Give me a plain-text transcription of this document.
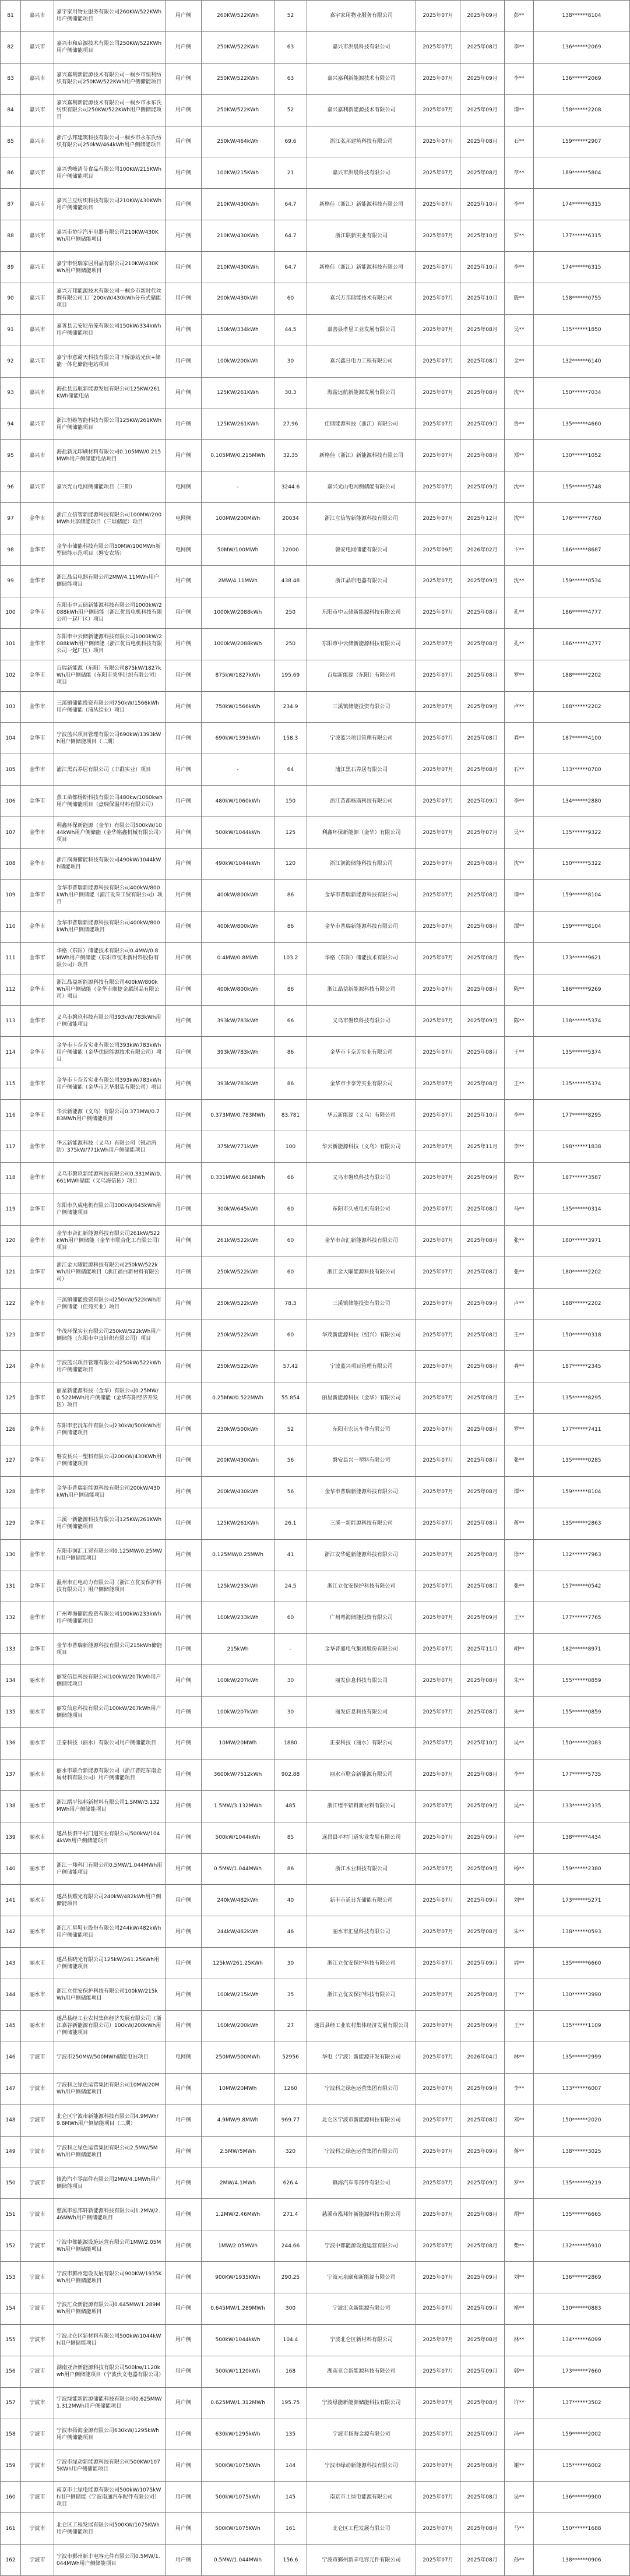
81	嘉兴市	嘉宇家用物业服务有限公司260KW/522KWh用户侧储能项目	用户侧	260KW/522KWh	52	嘉宇家用物业服务有限公司	2025年07月	2025年09月	彭**	138******8104
82	嘉兴市	嘉兴市和启源技术有限公司250KW/522KWh用户侧储能项目	用户侧	250KW/522KWh	63	嘉兴市洪晨科技有限公司	2025年07月	2025年08月	李**	136******2069
83	嘉兴市	嘉兴嘉利新能源技术有限公司一桐乡市恒利纺织有限公司250KW/522KWh用户侧储能项目	用户侧	250KW/522KWh	63	嘉兴嘉利新能源技术有限公司	2025年07月	2025年09月	李**	136******2069
84	嘉兴市	嘉兴嘉利新能源技术有限公司一桐乡市永东氏纺织有限公司250KW/522KWh用户侧储能项目	用户侧	250KW/522KWh	52	嘉兴嘉利新能源技术有限公司	2025年07月	2025年09月	谭**	158******2208
85	嘉兴市	浙江弘邦建筑科技有限公司一桐乡市永东氏纺织有限公司250kW/464kWh用户侧储能项目	用户侧	250kW/464kWh	69.6	浙江弘邦建筑科技有限公司	2025年07月	2025年08月	石**	159******2907
86	嘉兴市	嘉兴秀峰清节食品有限公司100KW/215KWh用户侧储能项目	用户侧	100KW/215KWh	21	嘉兴市洪晨科技有限公司	2025年07月	2025年08月	章**	189******5804
87	嘉兴市	嘉兴兰豆纺织科技有限公司210KW/430KWh用户侧储能项目	用户侧	210KW/430KWh	64.7	新格佳（浙江）新能源科技有限公司	2025年07月	2025年10月	李**	174******6315
88	嘉兴市	嘉兴市协宇汽车电器有限公司210KW/430KWh用户侧储能项目	用户侧	210KW/430KWh	64.7	浙江联新实业有限公司	2025年07月	2025年10月	罗**	177******6315
89	嘉兴市	嘉宁市悦瑞家居用品有限公司210KW/430KWh用户侧储能项目	用户侧	210KW/430KWh	64.7	新格佳（浙江）新能源科技有限公司	2025年07月	2025年10月	李**	174******6315
90	嘉兴市	嘉兴万邦能源技术有限公司一桐乡市新时代丝绸有限公司工厂200kW/430kWh分布式储能项目	用户侧	200kW/430kWh	60	嘉兴万邦储能技术有限公司	2025年07月	2025年10月	殷**	158******0755
91	嘉兴市	嘉善县云安尼吊笼有限公司150kW/334kWh用户侧储能项目	用户侧	150kW/334kWh	44.5	嘉善县孝星工业发展有限公司	2025年07月	2025年08月	吴**	135******1850
92	嘉兴市	嘉宁市意霸天科技有限公司下桥游站光伏+储能一体化储能电站项目	用户侧	100kW/200kWh	30	嘉兴鑫日电力工程有限公司	2025年07月	2025年08月	金**	132******6140
93	嘉兴市	海盐县远航新能源发展有限公司125KW/261KWh储能电站	用户侧	125KW/261KWh	30.3	海盐远航新能源发展有限公司	2025年07月	2025年08月	沈**	150******7034
94	嘉兴市	浙江恒维智能科技有限公司125KW/261KWh用户侧储能项目	用户侧	125KW/261KWh	27.96	佳储能源科技（浙江）有限公司	2025年07月	2025年09月	鲁**	135******4660
95	嘉兴市	海盐新元印刷材料有限公司0.105MW/0.215MWh用户侧储能电站项目	用户侧	0.105MW/0.215MWh	32.35	新格佳（浙江）新能源科技有限公司	2025年07月	2025年08月	郑**	130******1052
96	嘉兴市	嘉兴光山电网侧储能项目（三期）	电网侧	-	3244.6	嘉兴光山电网侧储能有限公司	2025年07月	2025年09月	沈**	155******5748
97	金华市	浙江立信智新能源科技有限公司100MW/200MWh共享储能项目（三坦储能）项目	电网侧	100MW/200MWh	20034	浙江立信智新能源科技有限公司	2025年07月	2025年12月	沈**	176******7760
98	金华市	金华市储能科技有限公司50MW/100MWh新型储能示范项目（磐安农场）	电网侧	50MW/100MWh	12000	磐安电网储能有限公司	2025年09月	2026年02月	卞**	186******8687
99	金华市	浙江晶启电器有限公司2MW/4.11MWh用户侧储能项目	用户侧	2MW/4.11MWh	438.48	浙江晶启电器有限公司	2025年07月	2025年09月	沈**	159******0534
100	金华市	东阳市中云储新能源科技有限公司1000kW/2088kWh用户侧储能（浙江优昌电机科技有限公司一起厂区）项目	用户侧	1000kW/2088kWh	250	东阳市中云储新能源科技有限公司	2025年07月	2025年08月	孔**	186******4777
101	金华市	东阳市中云储新能源科技有限公司1000kW/2088kWh用户侧储能（浙江优昌电机科技有限公司一起厂区）项目	用户侧	1000kW/2088kWh	250	东阳市中云储新能源科技有限公司	2025年07月	2025年08月	孔**	186******4777
102	金华市	百瑞新能源（东阳）有限公司875kW/1827kWh用户侧储能（东阳市荣华针织有限公司）项目	用户侧	875kW/1827kWh	195.69	百瑞新能源（东阳）有限公司	2025年07月	2025年08月	罗**	188******2202
103	金华市	三溪镇储能投资有限公司750kW/1566kWh用户侧储能（浦丛绘业）项目	用户侧	750kW/1566kWh	234.9	三溪镇储能投资有限公司	2025年07月	2025年09月	卢**	188******2202
104	金华市	宁波蓝兴项目管理有限公司690kW/1393kWh用户侧储能项目（二期）	用户侧	690kW/1393kWh	158.3	宁波蓝兴项目管理有限公司	2025年07月	2025年08月	龚**	187******4100
105	金华市	浦江黑石养居有限公司（丰群实业）项目	用户侧	-	64	浦江黑石养居有限公司	2025年07月	2025年08月	石**	133******0700
106	金华市	蒸工苗都杨斯科技有限公司480kw/1060kwh用户侧储能项目（盘瑞保温材料有限公司）	用户侧	480kW/1060kWh	150	浙江苗都杨斯科技有限公司	2025年07月	2025年09月	李**	134******2880
107	金华市	利鑫环保新能源（金华）有限公司500kW/1044kWh用户侧储能（金华铭鑫机械有限公司）项目	用户侧	500kW/1044kWh	125	利鑫环保新能源（金华）有限公司	2025年07月	2025年07月	吴**	135******9322
108	金华市	浙江润海储能科技有限公司490kW/1044kWh储能项目	用户侧	490kW/1044kWh	120	浙江润海储能科技有限公司	2025年07月	2025年08月	沈**	150******5322
109	金华市	金华市普瑞新能源科技有限公司400kW/800kWh用户侧储能（浦江发采工贸有限公司）项目	用户侧	400kW/800kWh	86	金华市普瑞新能源科技有限公司	2025年07月	2025年08月	谭**	159******8104
110	金华市	金华市普瑞新能源科技有限公司400kW/800kWh用户侧储能项目	用户侧	400kW/800kWh	86	金华市普瑞新能源科技有限公司	2025年07月	2025年08月	谭**	159******8104
111	金华市	华格（东阳）储能技术有限公司0.4MW/0.8MWh用户侧储能（东阳市恒禾新材料股份有限公司）项目	用户侧	0.4MW/0.8MWh	103.2	华格（东阳）储能技术有限公司	2025年07月	2025年08月	钱**	173******9621
112	金华市	浙江晶益新能源科技有限公司400kW/800kWh用户侧储能（金华市顺捷金属制品有限公司）项目	用户侧	400kW/800kWh	86	浙江晶益新能源科技有限公司	2025年07月	2025年08月	陈**	186******9269
113	金华市	义乌市磐玖科技有限公司393kW/783kWh用户侧储能项目	用户侧	393kW/783kWh	66	义乌市磐玖科技有限公司	2025年07月	2025年09月	陈**	138******5374
114	金华市	金华市卡奈芳实业有限公司393kW/783kWh用户侧储能（金华优储能源技术有限公司）项目	用户侧	393kW/783kWh	86	金华市卡奈芳实业有限公司	2025年07月	2025年08月	王**	135******5374
115	金华市	金华市卡奈芳实业有限公司393kW/783kWh用户侧储能（金华市艺华服装有限公司）项目	用户侧	393kW/783kWh	86	金华市卡奈芳实业有限公司	2025年07月	2025年08月	王**	135******5374
116	金华市	华云新能源（义乌）有限公司0.373MW/0.783MWh用户侧储能项目	用户侧	0.373MW/0.783MWh	83.781	华云新能源（义乌）有限公司	2025年07月	2025年10月	李**	177******8295
117	金华市	华云新能源科技（义乌）有限公司（锐动消防）375kW/771kWh用户侧储能项目	用户侧	375kW/771kWh	100	华云新能源科技（义乌）有限公司	2025年07月	2025年11月	李**	198******1838
118	金华市	义乌市磐玖新能源科技有限公司0.331MW/0.661MWh储能（义乌海信拓）项目	用户侧	0.331MW/0.661MWh	66	义乌市磐玖科技有限公司	2025年07月	2025年09月	陈**	187******3587
119	金华市	东阳市久成电机有限公司300kW/645kWh用户侧储能项目	用户侧	300kW/645kWh	60	东阳市久成电机有限公司	2025年07月	2025年08月	马**	135******0314
120	金华市	金华市合汇新能源科技有限公司261kW/522kWh用户侧储能（金华市联合化工有限公司）项目	用户侧	261kW/522kWh	60	金华市合汇新能源科技有限公司	2025年07月	2025年08月	张**	180******3971
121	金华市	浙江金大曜能源科技有限公司250kW/522kWh用户侧储能项目（浙江福白新材料有限公司）	用户侧	250kW/522kWh	60	浙江金大曜能源科技有限公司	2025年07月	2025年08月	张**	180******2202
122	金华市	三溪镇储能投资有限公司250kW/522kWh用户侧储能（佳苑实业）项目	用户侧	250kW/522kWh	78.3	三溪镇储能投资有限公司	2025年07月	2025年09月	卢**	188******2202
123	金华市	华茂环保实业有限公司250kW/522kWh用户侧储能（东阳市中良针织有限公司）项目	用户侧	250kW/522kWh	60	华茂新能源科技（绍兴）有限公司	2025年07月	2025年08月	王**	150******0318
124	金华市	宁波蓝兴项目管理有限公司250kW/522kWh用户侧储能项目	用户侧	250kW/522kWh	57.42	宁波蓝兴项目管理有限公司	2025年07月	2025年08月	龚**	187******2345
125	金华市	丽星新能源科技（金华）有限公司0.25MW/0.522MWh用户侧储能（金华东阳经济开发区）项目	用户侧	0.25MW/0.522MWh	55.854	丽星新能源科技（金华）有限公司	2025年07月	2025年08月	王**	135******8295
126	金华市	东阳市宏沅车件有限公司230kW/500kWh用户侧储能项目	用户侧	230kW/500kWh	52	东阳市宏沅车件有限公司	2025年07月	2025年08月	罗**	177******7411
127	金华市	磐安县兴一塑料有限公司200KW/430KWh用户侧储能项目	用户侧	200KW/430KWh	56	磐安县兴一塑料有限公司	2025年07月	2025年08月	张**	135******0285
128	金华市	金华市普瑞新能源科技有限公司200kW/430kWh用户侧储能项目	用户侧	200kW/430kWh	56	金华市普瑞新能源科技有限公司	2025年07月	2025年08月	谭**	159******8104
129	金华市	三溪一新能源科技有限公司125KW/261KWh用户侧储能项目	用户侧	125KW/261KWh	26.1	三溪一新能源科技有限公司	2025年07月	2025年08月	蒋**	135******2863
130	金华市	东阳市润汇工贸有限公司0.125MW/0.25MWh用户侧储能项目	用户侧	0.125MW/0.25MWh	41	浙江安华通新能源科技有限公司	2025年07月	2025年08月	徐**	132******7963
131	金华市	温州市正电动力有限公司（浙江立优安保护科技有限公司）用户侧储能项目	用户侧	125kW/233kWh	24.5	浙江立优安保护科技有限公司	2025年07月	2025年08月	张**	157******0542
132	金华市	广州粤海储能投资有限公司100kW/233kWh用户侧储能项目	用户侧	100kW/233kWh	60	广州粤海储能投资有限公司	2025年07月	2025年09月	王**	177******7765
133	金华市	金华市普瑞新能源科技有限公司215kWh储能项目	用户侧	215kWh	-	金华普盛电气集团股份有限公司	2025年07月	2025年11月	胡**	182******8971
134	丽水市	丽发信息科技有限公司100kW/207kWh用户侧储能项目	用户侧	100kW/207kWh	30	丽发信息科技有限公司	2025年07月	2025年08月	朱**	155******0859
135	丽水市	丽发信息科技有限公司100kW/207kWh用户侧储能项目	用户侧	100kW/207kWh	30	丽发信息科技有限公司	2025年07月	2025年08月	朱**	155******0859
136	丽水市	正泰科技（丽水）有限公司用户侧储能项目	用户侧	10MW/20MWh	1880	正泰科技（丽水）有限公司	2025年07月	2025年10月	吴**	150******2083
137	丽水市	丽水市联合新能源有限公司（浙江普陀东南金属材料有限公司）用户侧储能项目	用户侧	3600kW/7512kWh	902.88	丽水市联合新能源有限公司	2025年07月	2025年08月	李**	177******5735
138	丽水市	浙江缙平铝料新材料有限公司1.5MW/3.132MWh用户侧储能项目	用户侧	1.5MW/3.132MWh	485	浙江缙平铝料新材料有限公司	2025年07月	2025年09月	吴**	133******2335
139	丽水市	遂昌县泗平村门道实业有限公司500kW/1044kWh用户侧储能项目	用户侧	500kW/1044kWh	85	遂昌县平村门道实业发展有限公司	2025年07月	2025年09月	何**	138******4434
140	丽水市	浙江一翔科门有限公司0.5MW/1.044MWh用户侧储能项目	用户侧	0.5MW/1.044MWh	86	浙江木业科技有限公司	2025年07月	2025年09月	杨**	159******2380
141	丽水市	遂昌县耀光有限公司240kW/482kWh用户侧储能项目	用户侧	240kW/482kWh	40	新丰市道日光储能有限公司	2025年07月	2025年09月	刘**	173******5271
142	丽水市	浙江汇星鞋业股份有限公司244kW/482kWh用户侧储能项目	用户侧	244kW/482kWh	46	丽水市汇星科技有限公司	2025年07月	2025年08月	朱**	138******0593
143	丽水市	遂昌县晓光有限公司125kW/261.25KWh用户侧储能项目	用户侧	125kW/261.25KWh	30	浙江立优安保护科技有限公司	2025年07月	2025年09月	周**	135******6660
144	丽水市	浙江立优安保护科技有限公司100kW/215kWh用户侧储能项目	用户侧	100kW/215kWh	35	浙江立优安保护科技有限公司	2025年07月	2025年08月	丁**	130******3990
145	丽水市	遂昌县经工业农村集体经济发展有限公司（浙江嘉谷新能源有限公司）100kW/200kWh用户侧储能项目	用户侧	100kW/200kWh	27	遂昌县经工业农村集体经济发展有限公司	2025年07月	2025年09月	王**	135******1109
146	宁波市	宁波市250MW/500MWh储能电站项目	电网侧	250MW/500MWh	52956	华电（宁波）新能源开发有限公司	2025年07月	2026年04月	林**	135******2999
147	宁波市	宁波科之绿色运营集团有限公司10MW/20MWh用户侧储能项目	用户侧	10MW/20MWh	1260	宁波科之绿色运营集团有限公司	2025年07月	2025年09月	李**	133******6007
148	宁波市	北仑区宁波市新能源科技有限公司4.9MWh/9.8MWh用户侧储能项目（二期）	用户侧	4.9MW/9.8MWh	969.77	北仑区宁波市新能源科技有限公司	2025年07月	2025年08月	邓**	150******2020
149	宁波市	宁波科之绿色运营集团有限公司2.5MW/5MWh用户侧储能项目	用户侧	2.5MW/5MWh	320	宁波科之绿色运营集团有限公司	2025年07月	2025年09月	蒋**	138******3025
150	宁波市	镇海汽车零部件有限公司2MW/4.1MWh用户侧储能项目	用户侧	2MW/4.1MWh	626.4	镇海汽车零部件有限公司	2025年07月	2025年09月	罗**	135******9219
151	宁波市	慈溪市泓邦轩新能源科技有限公司1.2MW/2.46MWh用户侧储能项目	用户侧	1.2MW/2.46MWh	271.4	慈溪市泓邦轩新能源科技有限公司	2025年07月	2025年08月	胡**	135******6665
152	宁波市	宁波中都能源设施运营有限公司1MW/2.05MWh用户侧储能项目	用户侧	1MW/2.05MWh	244.66	宁波中都能源设施运营有限公司	2025年07月	2025年08月	柴**	132******5910
153	宁波市	宁波市鄞州建设发展有限公司900KW/1935KWh用户侧储能项目	用户侧	900KW/1935KWh	290.25	宁波元泉颐和新能源有限公司	2025年07月	2025年09月	刘**	136******2869
154	宁波市	宁波汇众新能源有限公司0.645MW/1.289MWh用户侧储能项目	用户侧	0.645MW/1.289MWh	300	宁波汇众新能源有限公司	2025年07月	2025年09月	褚**	130******0883
155	宁波市	宁波北仑区新材料有限公司500kW/1044kWh用户侧储能项目	用户侧	500kW/1044kWh	104.4	宁波北仑区新材料有限公司	2025年07月	2025年08月	林**	134******6099
156	宁波市	湖南亚合新能源科技有限公司500kw/1120kwh用户侧储能项目（宁波伏文电器有限公司）	用户侧	500kW/1120kWh	168	湖南亚合新能源科技有限公司	2025年07月	2025年09月	郭**	173******7660
157	宁波市	宁波绿能新能源储能科技有限公司0.625MW/1.312MWh用户侧储能项目	用户侧	0.625MW/1.312MWh	195.75	宁波绿能新能源储能科技有限公司	2025年07月	2025年08月	许**	137******3502
158	宁波市	宁波市扬海金源有限公司630kW/1295kWh用户侧储能项目	用户侧	630kW/1295kWh	135	宁波市扬海金源有限公司	2025年07月	2025年09月	冯**	159******2002
159	宁波市	宁波市绿动新能源科技有限公司500KW/1075KWh用户侧储能项目	用户侧	500KW/1075KWh	144	宁波市绿动新能源科技有限公司	2025年07月	2025年08月	谢**	135******6002
160	宁波市	南京市土绿电能源有限公司500kW/1075kWh用户侧储能（宁波南通汽车配件有限公司）项目	用户侧	500kW/1075kWh	145	南京市土绿电能源有限公司	2025年07月	2025年08月	吴**	136******9900
161	宁波市	北仑区工程发展有限公司500KW/1075KWh用户侧储能项目	用户侧	500KW/1075KWh	161	北仑区工程发展有限公司	2025年07月	2025年08月	马**	150******1688
162	宁波市	宁波市鄞州新丰电容元件有限公司0.5MW/1.044MWh用户侧储能项目	用户侧	0.5MW/1.044MWh	156.6	宁波市鄞州新丰电容元件有限公司	2025年07月	2025年08月	孙**	138******0906
